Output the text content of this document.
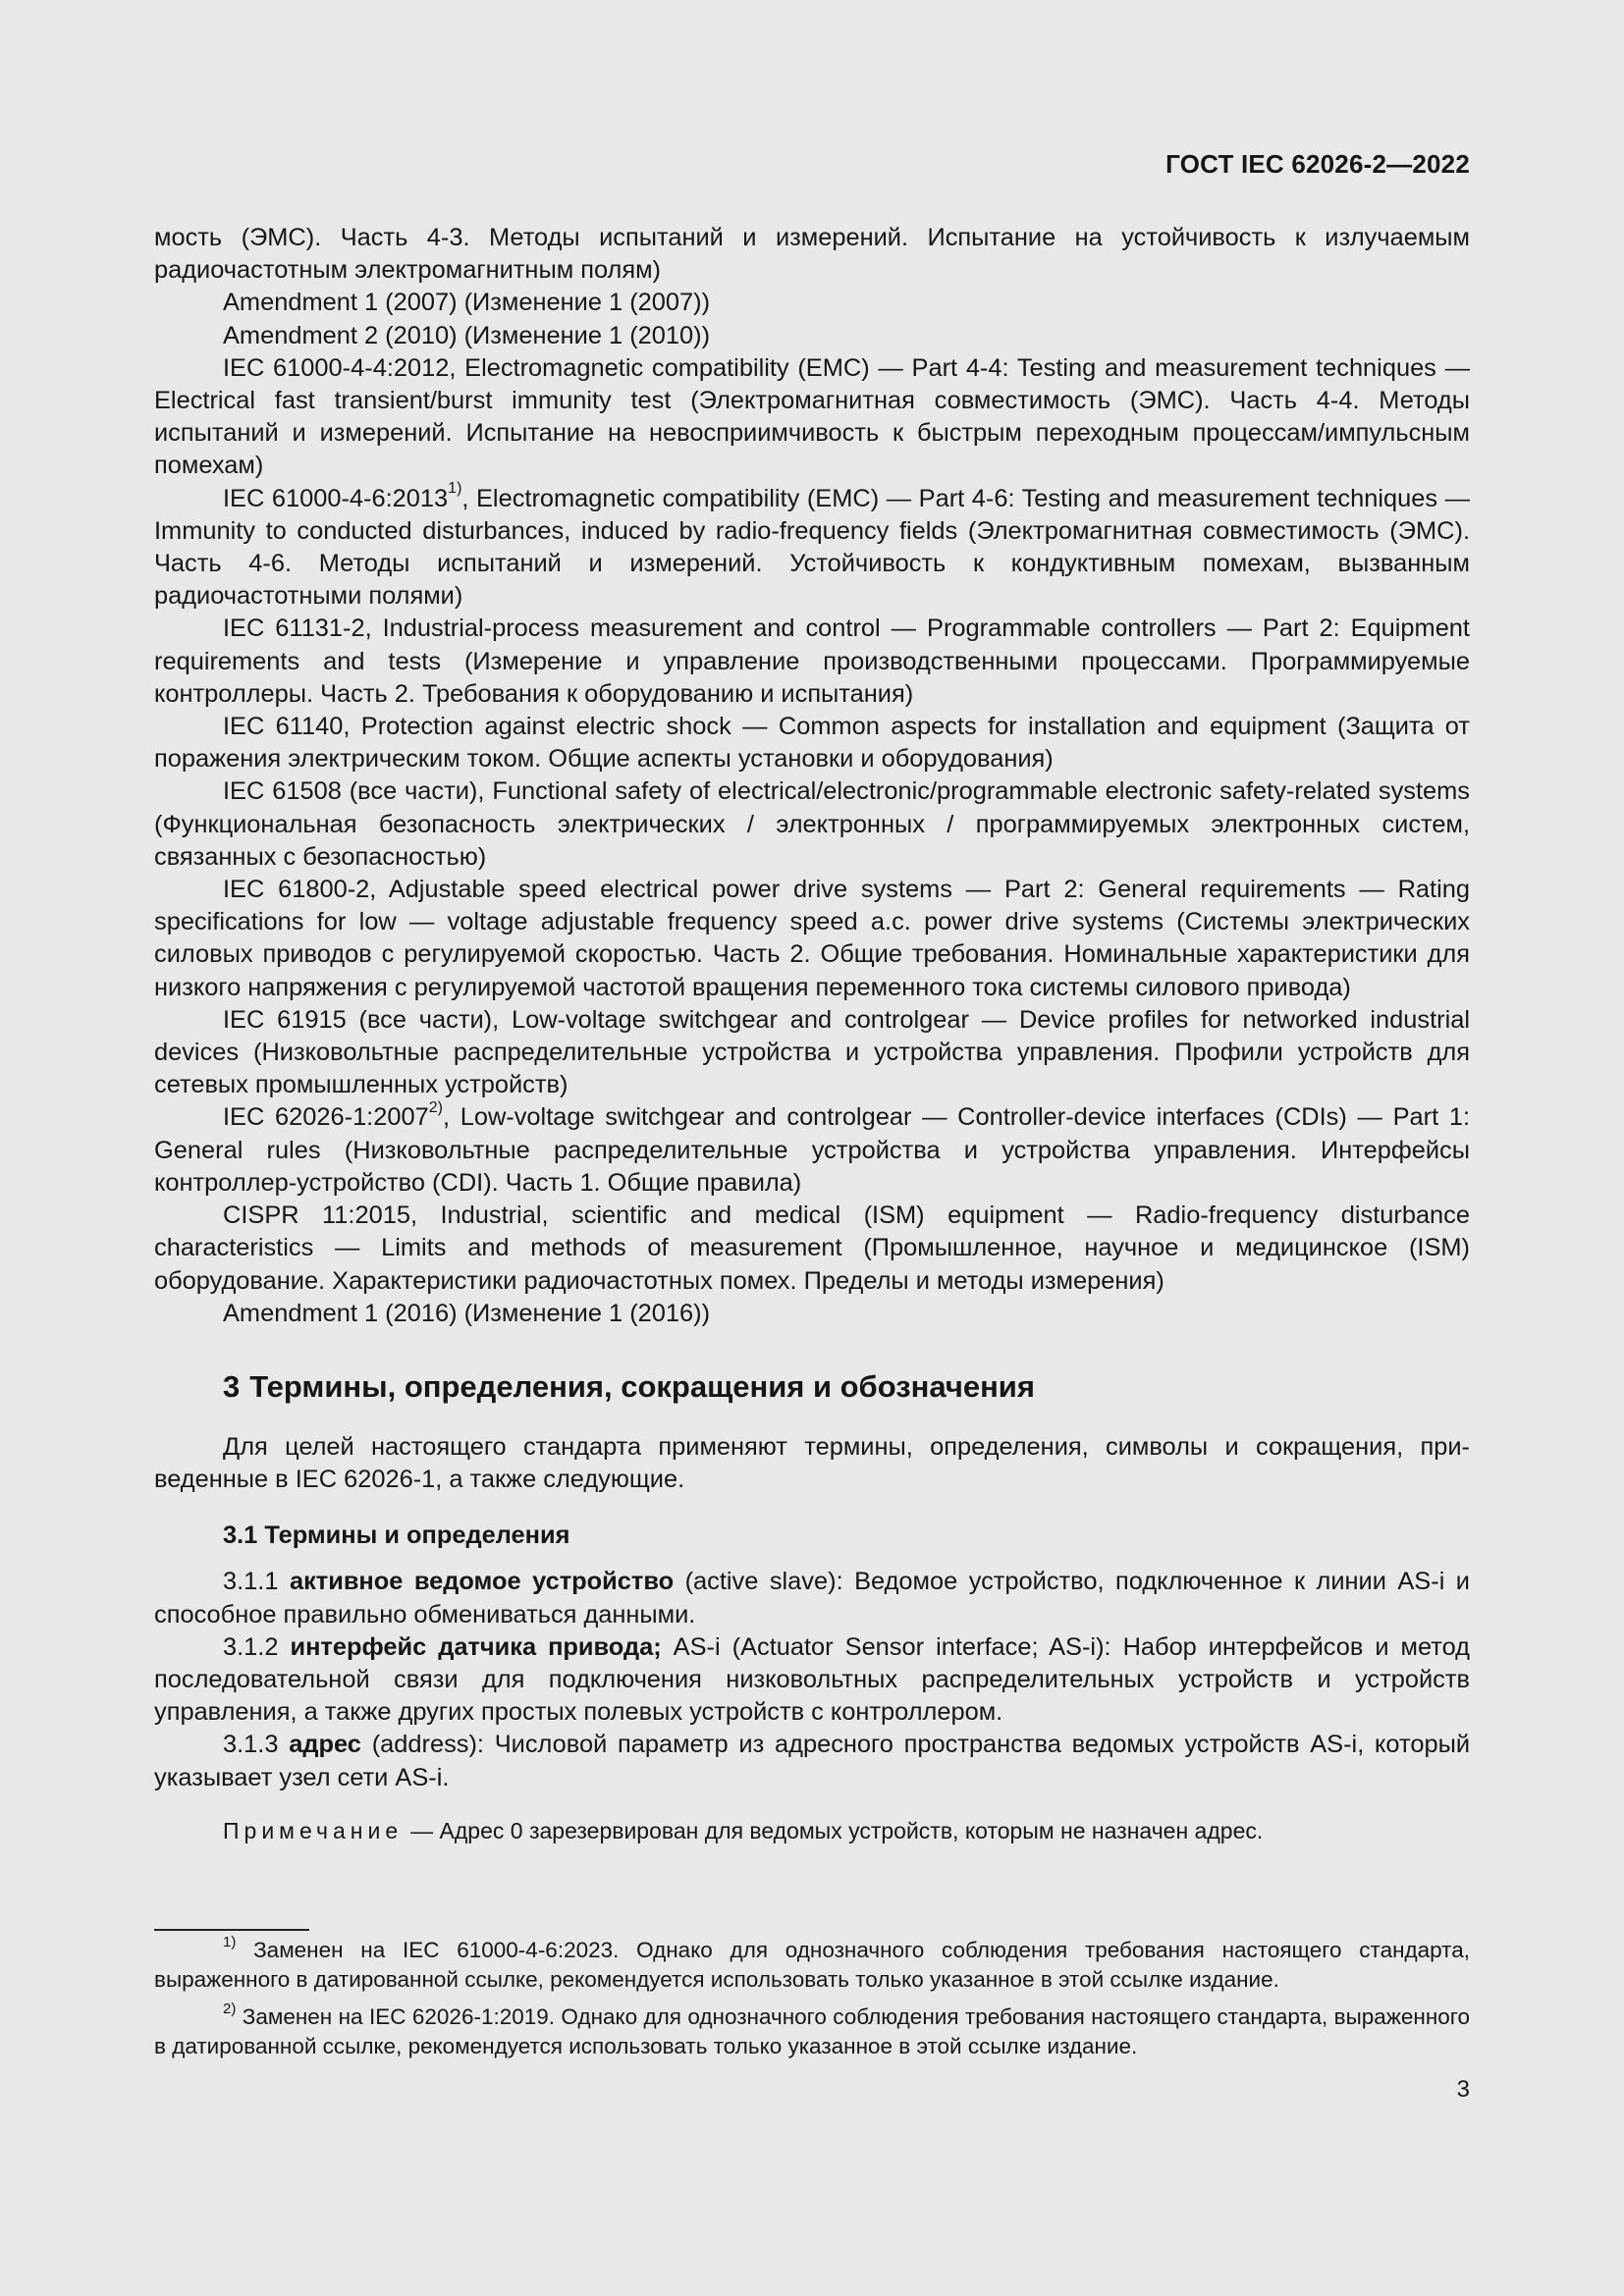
ГОСТ IEC 62026-2—2022

мость (ЭМС). Часть 4-3. Методы испытаний и измерений. Испытание на устойчивость к излучаемым радиочастотным электромагнитным полям)

Amendment 1 (2007) (Изменение 1 (2007))

Amendment 2 (2010) (Изменение 1 (2010))

IEC 61000-4-4:2012, Electromagnetic compatibility (EMC) — Part 4-4: Testing and measurement techniques — Electrical fast transient/burst immunity test (Электромагнитная совместимость (ЭМС). Часть 4-4. Методы испытаний и измерений. Испытание на невосприимчивость к быстрым переходным процессам/импульсным помехам)

IEC 61000-4-6:2013$^{1)}$, Electromagnetic compatibility (EMC) — Part 4-6: Testing and measurement techniques — Immunity to conducted disturbances, induced by radio-frequency fields (Электромагнитная совместимость (ЭМС). Часть 4-6. Методы испытаний и измерений. Устойчивость к кондуктивным помехам, вызванным радиочастотными полями)

IEC 61131-2, Industrial-process measurement and control — Programmable controllers — Part 2: Equipment requirements and tests (Измерение и управление производственными процессами. Программируемые контроллеры. Часть 2. Требования к оборудованию и испытания)

IEC 61140, Protection against electric shock — Common aspects for installation and equipment (Защита от поражения электрическим током. Общие аспекты установки и оборудования)

IEC 61508 (все части), Functional safety of electrical/electronic/programmable electronic safety-related systems (Функциональная безопасность электрических / электронных / программируемых электронных систем, связанных с безопасностью)

IEC 61800-2, Adjustable speed electrical power drive systems — Part 2: General requirements — Rating specifications for low — voltage adjustable frequency speed a.c. power drive systems (Системы электрических силовых приводов с регулируемой скоростью. Часть 2. Общие требования. Номинальные характеристики для низкого напряжения с регулируемой частотой вращения переменного тока системы силового привода)

IEC 61915 (все части), Low-voltage switchgear and controlgear — Device profiles for networked industrial devices (Низковольтные распределительные устройства и устройства управления. Профили устройств для сетевых промышленных устройств)

IEC 62026-1:2007$^{2)}$, Low-voltage switchgear and controlgear — Controller-device interfaces (CDIs) — Part 1: General rules (Низковольтные распределительные устройства и устройства управления. Интерфейсы контроллер-устройство (CDI). Часть 1. Общие правила)

CISPR 11:2015, Industrial, scientific and medical (ISM) equipment — Radio-frequency disturbance characteristics — Limits and methods of measurement (Промышленное, научное и медицинское (ISM) оборудование. Характеристики радиочастотных помех. Пределы и методы измерения)

Amendment 1 (2016) (Изменение 1 (2016))

3 Термины, определения, сокращения и обозначения

Для целей настоящего стандарта применяют термины, определения, символы и сокращения, приведенные в IEC 62026-1, а также следующие.

3.1 Термины и определения

3.1.1 активное ведомое устройство (active slave): Ведомое устройство, подключенное к линии AS-i и способное правильно обмениваться данными.

3.1.2 интерфейс датчика привода; AS-i (Actuator Sensor interface; AS-i): Набор интерфейсов и метод последовательной связи для подключения низковольтных распределительных устройств и устройств управления, а также других простых полевых устройств с контроллером.

3.1.3 адрес (address): Числовой параметр из адресного пространства ведомых устройств AS-i, который указывает узел сети AS-i.

Примечание — Адрес 0 зарезервирован для ведомых устройств, которым не назначен адрес.

$^{1)}$ Заменен на IEC 61000-4-6:2023. Однако для однозначного соблюдения требования настоящего стандарта, выраженного в датированной ссылке, рекомендуется использовать только указанное в этой ссылке издание.

$^{2)}$ Заменен на IEC 62026-1:2019. Однако для однозначного соблюдения требования настоящего стандарта, выраженного в датированной ссылке, рекомендуется использовать только указанное в этой ссылке издание.

3
